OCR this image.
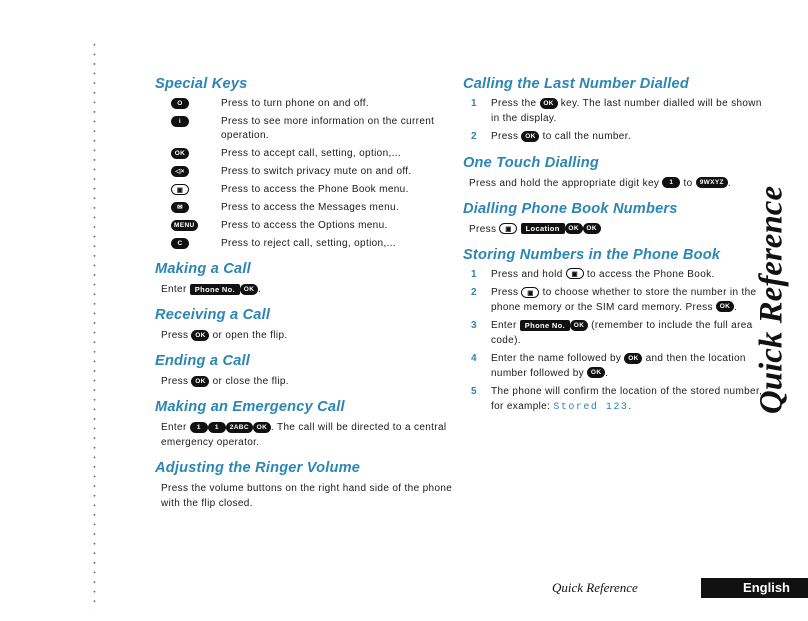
Special Keys
O	Press to turn phone on and off.
i	Press to see more information on the current operation.
OK	Press to accept call, setting, option,...
◁×	Press to switch privacy mute on and off.
▣	Press to access the Phone Book menu.
✉	Press to access the Messages menu.
MENU	Press to access the Options menu.
C	Press to reject call, setting, option,...
Making a Call

Enter Phone No. OK .

Receiving a Call

Press OK or open the flip.

Ending a Call

Press OK or close the flip.

Making an Emergency Call

Enter 1 1 2ABC OK . The call will be directed to a central emergency operator.

Adjusting the Ringer Volume

Press the volume buttons on the right hand side of the phone with the flip closed.

Calling the Last Number Dialled
1	Press the OK key. The last number dialled will be shown in the display.
2	Press OK to call the number.
One Touch Dialling

Press and hold the appropriate digit key 1 to 9WXYZ .

Dialling Phone Book Numbers

Press ▣ Location OK OK

Storing Numbers in the Phone Book
1	Press and hold ▣ to access the Phone Book.
2	Press ▣ to choose whether to store the number in the phone memory or the SIM card memory. Press OK .
3	Enter Phone No. OK (remember to include the full area code).
4	Enter the name followed by OK and then the location number followed by OK .
5	The phone will confirm the location of the stored number, for example: Stored 123.	Quick Reference
Quick Reference	English
